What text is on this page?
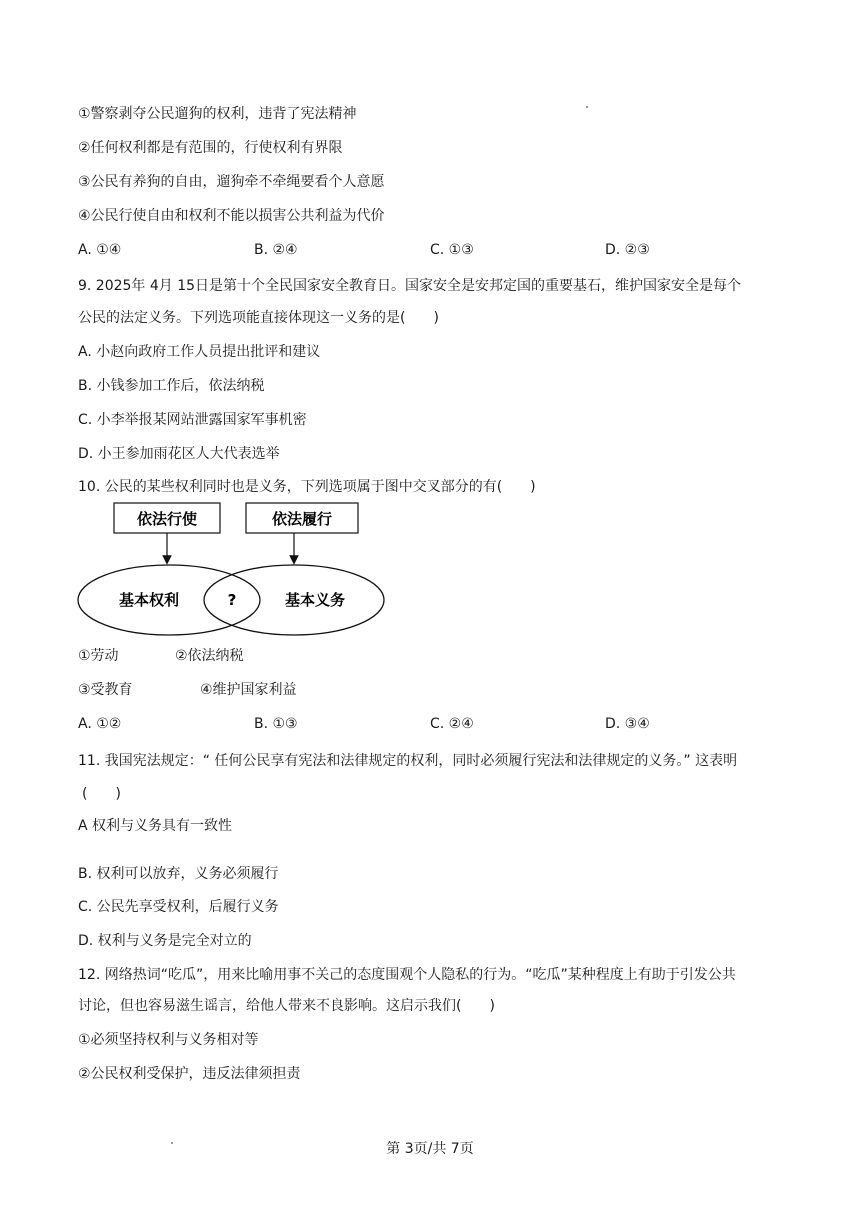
①警察剥夺公民遛狗的权利，违背了宪法精神
②任何权利都是有范围的，行使权利有界限
③公民有养狗的自由，遛狗牵不牵绳要看个人意愿
④公民行使自由和权利不能以损害公共利益为代价
A. ①④	B. ②④	C. ①③	D. ②③
9. 2025年 4月 15日是第十个全民国家安全教育日。国家安全是安邦定国的重要基石，维护国家安全是每个
公民的法定义务。下列选项能直接体现这一义务的是(　　)
A. 小赵向政府工作人员提出批评和建议
B. 小钱参加工作后，依法纳税
C. 小李举报某网站泄露国家军事机密
D. 小王参加雨花区人大代表选举
10. 公民的某些权利同时也是义务，下列选项属于图中交叉部分的有(　　)
依法行使	依法履行
基本权利	基本义务
?
①劳动	②依法纳税
③受教育	④维护国家利益
A. ①②	B. ①③	C. ②④	D. ③④
11. 我国宪法规定：“ 任何公民享有宪法和法律规定的权利，同时必须履行宪法和法律规定的义务。” 这表明
(　　)
A 权利与义务具有一致性
B. 权利可以放弃，义务必须履行
C. 公民先享受权利，后履行义务
D. 权利与义务是完全对立的
12. 网络热词“吃瓜”，用来比喻用事不关己的态度围观个人隐私的行为。“吃瓜”某种程度上有助于引发公共
讨论，但也容易滋生谣言，给他人带来不良影响。这启示我们(　　)
①必须坚持权利与义务相对等
②公民权利受保护，违反法律须担责
第 3页/共 7页
